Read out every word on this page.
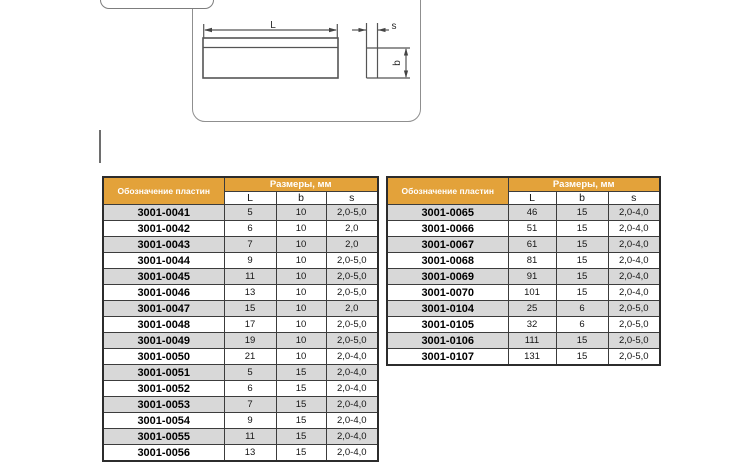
L	s
b
Обозначение пластин	Размеры, мм		
	L	b	s
3001-0041	5	10	2,0-5,0
3001-0042	6	10	2,0
3001-0043	7	10	2,0
3001-0044	9	10	2,0-5,0
3001-0045	11	10	2,0-5,0
3001-0046	13	10	2,0-5,0
3001-0047	15	10	2,0
3001-0048	17	10	2,0-5,0
3001-0049	19	10	2,0-5,0
3001-0050	21	10	2,0-4,0
3001-0051	5	15	2,0-4,0
3001-0052	6	15	2,0-4,0
3001-0053	7	15	2,0-4,0
3001-0054	9	15	2,0-4,0
3001-0055	11	15	2,0-4,0
3001-0056	13	15	2,0-4,0
Обозначение пластин	Размеры, мм		
	L	b	s
3001-0065	46	15	2,0-4,0
3001-0066	51	15	2,0-4,0
3001-0067	61	15	2,0-4,0
3001-0068	81	15	2,0-4,0
3001-0069	91	15	2,0-4,0
3001-0070	101	15	2,0-4,0
3001-0104	25	6	2,0-5,0
3001-0105	32	6	2,0-5,0
3001-0106	111	15	2,0-5,0
3001-0107	131	15	2,0-5,0
